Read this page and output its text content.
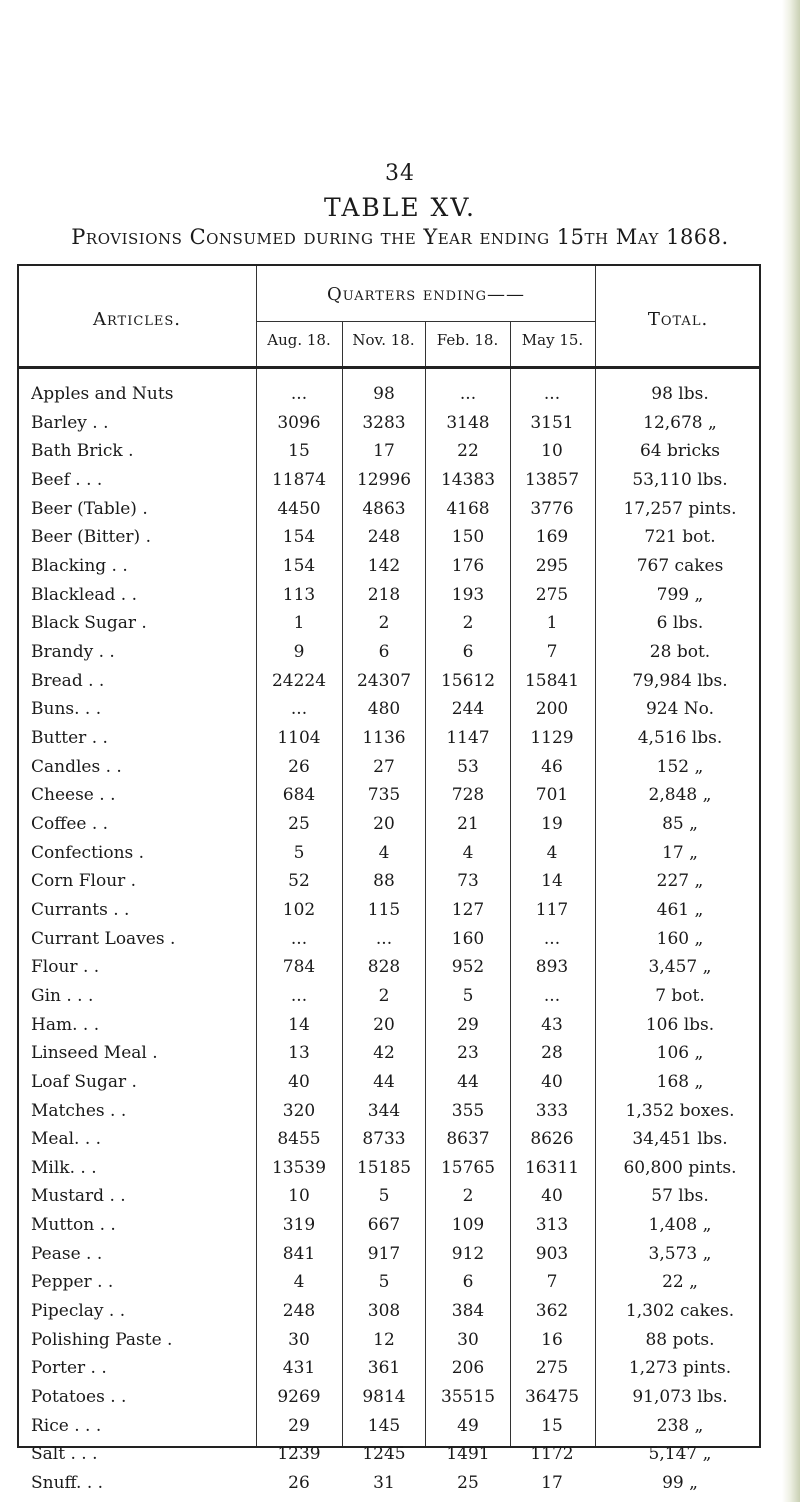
34
TABLE XV.
Provisions Consumed during the Year ending 15th May 1868.
Articles.
Quarters ending——
Total.
Aug. 18.	Nov. 18.	Feb. 18.	May 15.
Apples and Nuts	...	98	...	...	98 lbs.
Barley . .	3096	3283	3148	3151	12,678 „
Bath Brick .	15	17	22	10	64 bricks
Beef . . .	11874	12996	14383	13857	53,110 lbs.
Beer (Table) .	4450	4863	4168	3776	17,257 pints.
Beer (Bitter) .	154	248	150	169	721 bot.
Blacking . .	154	142	176	295	767 cakes
Blacklead . .	113	218	193	275	799 „
Black Sugar .	1	2	2	1	6 lbs.
Brandy . .	9	6	6	7	28 bot.
Bread . .	24224	24307	15612	15841	79,984 lbs.
Buns. . .	...	480	244	200	924 No.
Butter . .	1104	1136	1147	1129	4,516 lbs.
Candles . .	26	27	53	46	152 „
Cheese . .	684	735	728	701	2,848 „
Coffee . .	25	20	21	19	85 „
Confections .	5	4	4	4	17 „
Corn Flour .	52	88	73	14	227 „
Currants . .	102	115	127	117	461 „
Currant Loaves .	...	...	160	...	160 „
Flour . .	784	828	952	893	3,457 „
Gin . . .	...	2	5	...	7 bot.
Ham. . .	14	20	29	43	106 lbs.
Linseed Meal .	13	42	23	28	106 „
Loaf Sugar .	40	44	44	40	168 „
Matches . .	320	344	355	333	1,352 boxes.
Meal. . .	8455	8733	8637	8626	34,451 lbs.
Milk. . .	13539	15185	15765	16311	60,800 pints.
Mustard . .	10	5	2	40	57 lbs.
Mutton . .	319	667	109	313	1,408 „
Pease . .	841	917	912	903	3,573 „
Pepper . .	4	5	6	7	22 „
Pipeclay . .	248	308	384	362	1,302 cakes.
Polishing Paste .	30	12	30	16	88 pots.
Porter . .	431	361	206	275	1,273 pints.
Potatoes . .	9269	9814	35515	36475	91,073 lbs.
Rice . . .	29	145	49	15	238 „
Salt . . .	1239	1245	1491	1172	5,147 „
Snuff. . .	26	31	25	17	99 „
